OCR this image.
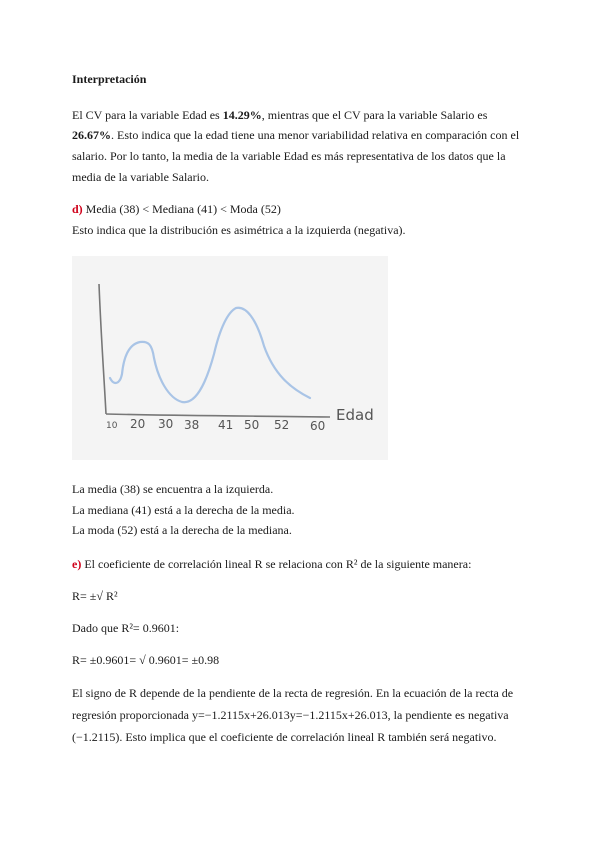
Interpretación
El CV para la variable Edad es 14.29%, mientras que el CV para la variable Salario es
26.67%. Esto indica que la edad tiene una menor variabilidad relativa en comparación con el
salario. Por lo tanto, la media de la variable Edad es más representativa de los datos que la
media de la variable Salario.
d) Media (38) < Mediana (41) < Moda (52)
Esto indica que la distribución es asimétrica a la izquierda (negativa).
10 20 30 38 41 50 52 60
Edad
La media (38) se encuentra a la izquierda.
La mediana (41) está a la derecha de la media.
La moda (52) está a la derecha de la mediana.
e) El coeficiente de correlación lineal R se relaciona con R² de la siguiente manera:
R= ±√ R²
Dado que R²= 0.9601:
R= ±0.9601= √ 0.9601= ±0.98
El signo de R depende de la pendiente de la recta de regresión. En la ecuación de la recta de
regresión proporcionada y=−1.2115x+26.013y=−1.2115x+26.013, la pendiente es negativa
(−1.2115). Esto implica que el coeficiente de correlación lineal R también será negativo.
